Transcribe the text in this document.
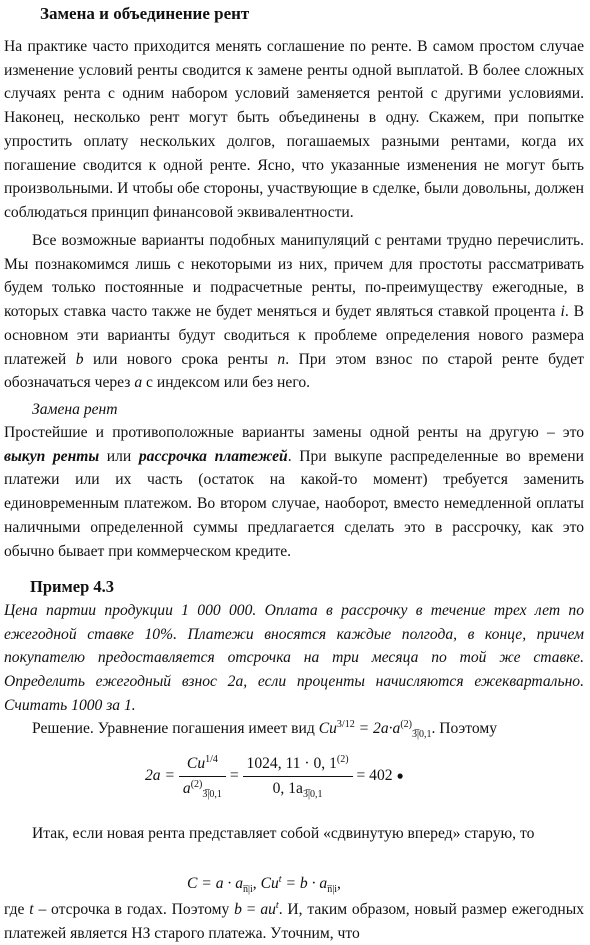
Замена и объединение рент

На практике часто приходится менять соглашение по ренте. В самом простом случае изменение условий ренты сводится к замене ренты одной выплатой. В более сложных случаях рента с одним набором условий заменяется рентой с другими условиями. Наконец, несколько рент могут быть объединены в одну. Скажем, при попытке упростить оплату нескольких долгов, погашаемых разными рентами, когда их погашение сводится к одной ренте. Ясно, что указанные изменения не могут быть произвольными. И чтобы обе стороны, участвующие в сделке, были довольны, должен соблюдаться принцип финансовой эквивалентности.

Все возможные варианты подобных манипуляций с рентами трудно перечислить. Мы познакомимся лишь с некоторыми из них, причем для простоты рассматривать будем только постоянные и подрасчетные ренты, по-преимуществу ежегодные, в которых ставка часто также не будет меняться и будет являться ставкой процента i. В основном эти варианты будут сводиться к проблеме определения нового размера платежей b или нового срока ренты n. При этом взнос по старой ренте будет обозначаться через a с индексом или без него.

Замена рент

Простейшие и противоположные варианты замены одной ренты на другую – это выкуп ренты или рассрочка платежей. При выкупе распределенные во времени платежи или их часть (остаток на какой-то момент) требуется заменить единовременным платежом. Во втором случае, наоборот, вместо немедленной оплаты наличными определенной суммы предлагается сделать это в рассрочку, как это обычно бывает при коммерческом кредите.

Пример 4.3

Цена партии продукции 1 000 000. Оплата в рассрочку в течение трех лет по ежегодной ставке 10%. Платежи вносятся каждые полгода, в конце, причем покупателю предоставляется отсрочка на три месяца по той же ставке. Определить ежегодный взнос 2a, если проценты начисляются ежеквартально. Считать 1000 за 1.

Решение. Уравнение погашения имеет вид $Cu^{3/12} = 2a\cdot a^{(2)}_{3̅|0,1}$. Поэтому

$2a = \frac{Cu^{1/4}}{a^{(2)}_{3̅|0,1}} = \frac{1024, 11 \cdot 0, 1^{(2)}}{0, 1a_{3̅|0,1}} = 402$ ●

Итак, если новая рента представляет собой «сдвинутую вперед» старую, то

$C = a \cdot a_{n̅|i}$, $Cu^t = b \cdot a_{n̅|i}$,

где t – отсрочка в годах. Поэтому $b = au^t$. И, таким образом, новый размер ежегодных платежей является НЗ старого платежа. Уточним, что
